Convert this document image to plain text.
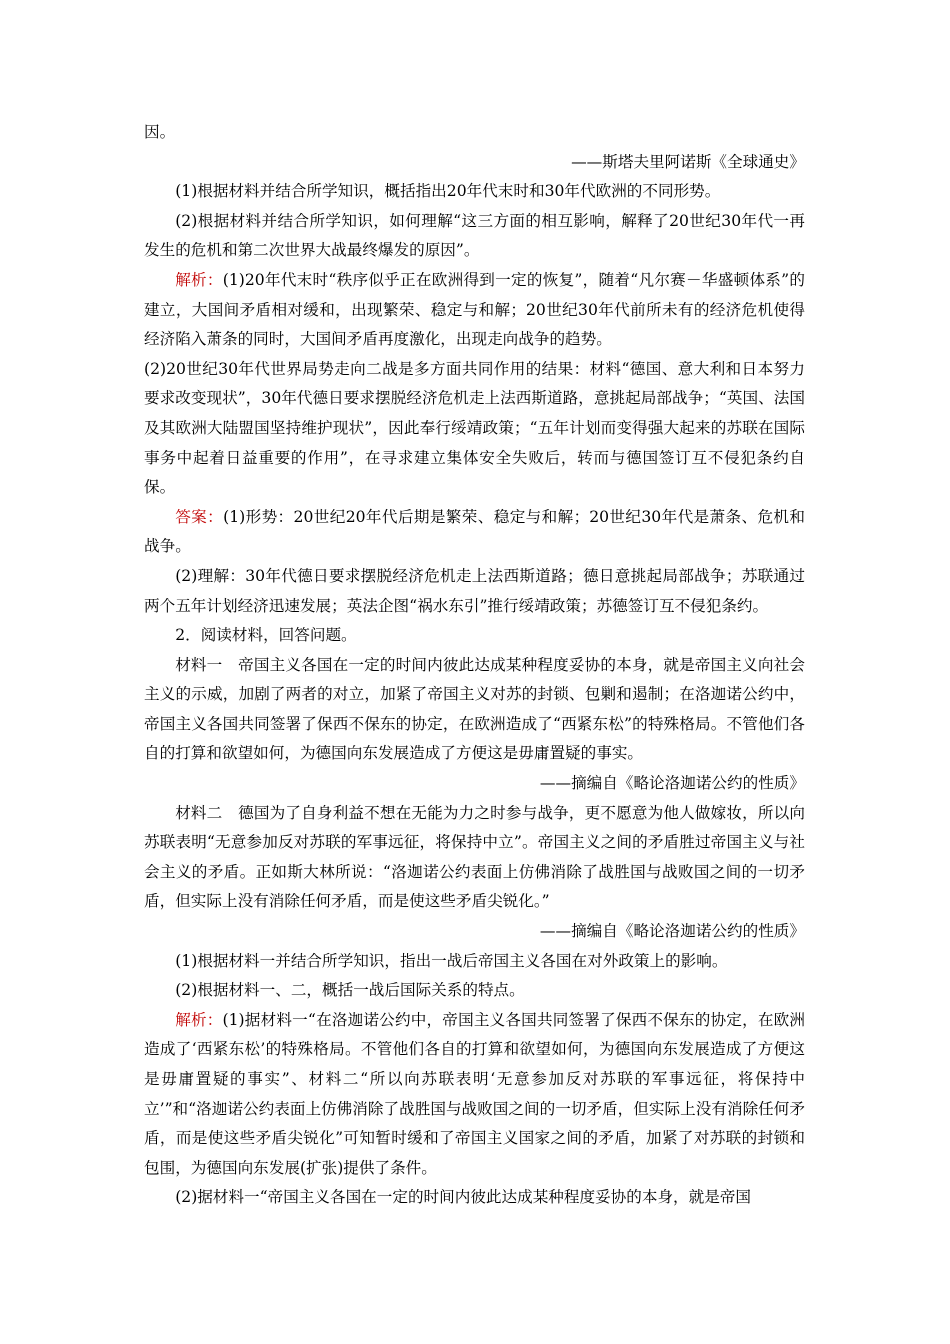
因。

——斯塔夫里阿诺斯《全球通史》

(1)根据材料并结合所学知识，概括指出20年代末时和30年代欧洲的不同形势。

(2)根据材料并结合所学知识，如何理解“这三方面的相互影响，解释了20世纪30年代一再发生的危机和第二次世界大战最终爆发的原因”。

解析：(1)20年代末时“秩序似乎正在欧洲得到一定的恢复”，随着“凡尔赛－华盛顿体系”的建立，大国间矛盾相对缓和，出现繁荣、稳定与和解；20世纪30年代前所未有的经济危机使得经济陷入萧条的同时，大国间矛盾再度激化，出现走向战争的趋势。

(2)20世纪30年代世界局势走向二战是多方面共同作用的结果：材料“德国、意大利和日本努力要求改变现状”，30年代德日要求摆脱经济危机走上法西斯道路，意挑起局部战争；“英国、法国及其欧洲大陆盟国坚持维护现状”，因此奉行绥靖政策；“五年计划而变得强大起来的苏联在国际事务中起着日益重要的作用”，在寻求建立集体安全失败后，转而与德国签订互不侵犯条约自保。

答案：(1)形势：20世纪20年代后期是繁荣、稳定与和解；20世纪30年代是萧条、危机和战争。

(2)理解：30年代德日要求摆脱经济危机走上法西斯道路；德日意挑起局部战争；苏联通过两个五年计划经济迅速发展；英法企图“祸水东引”推行绥靖政策；苏德签订互不侵犯条约。

2．阅读材料，回答问题。

材料一　帝国主义各国在一定的时间内彼此达成某种程度妥协的本身，就是帝国主义向社会主义的示威，加剧了两者的对立，加紧了帝国主义对苏的封锁、包剿和遏制；在洛迦诺公约中，帝国主义各国共同签署了保西不保东的协定，在欧洲造成了“西紧东松”的特殊格局。不管他们各自的打算和欲望如何，为德国向东发展造成了方便这是毋庸置疑的事实。

——摘编自《略论洛迦诺公约的性质》

材料二　德国为了自身利益不想在无能为力之时参与战争，更不愿意为他人做嫁妆，所以向苏联表明“无意参加反对苏联的军事远征，将保持中立”。帝国主义之间的矛盾胜过帝国主义与社会主义的矛盾。正如斯大林所说：“洛迦诺公约表面上仿佛消除了战胜国与战败国之间的一切矛盾，但实际上没有消除任何矛盾，而是使这些矛盾尖锐化。”

——摘编自《略论洛迦诺公约的性质》

(1)根据材料一并结合所学知识，指出一战后帝国主义各国在对外政策上的影响。

(2)根据材料一、二，概括一战后国际关系的特点。

解析：(1)据材料一“在洛迦诺公约中，帝国主义各国共同签署了保西不保东的协定，在欧洲造成了‘西紧东松’的特殊格局。不管他们各自的打算和欲望如何，为德国向东发展造成了方便这是毋庸置疑的事实”、材料二“所以向苏联表明‘无意参加反对苏联的军事远征，将保持中立’”和“洛迦诺公约表面上仿佛消除了战胜国与战败国之间的一切矛盾，但实际上没有消除任何矛盾，而是使这些矛盾尖锐化”可知暂时缓和了帝国主义国家之间的矛盾，加紧了对苏联的封锁和包围，为德国向东发展(扩张)提供了条件。

(2)据材料一“帝国主义各国在一定的时间内彼此达成某种程度妥协的本身，就是帝国
